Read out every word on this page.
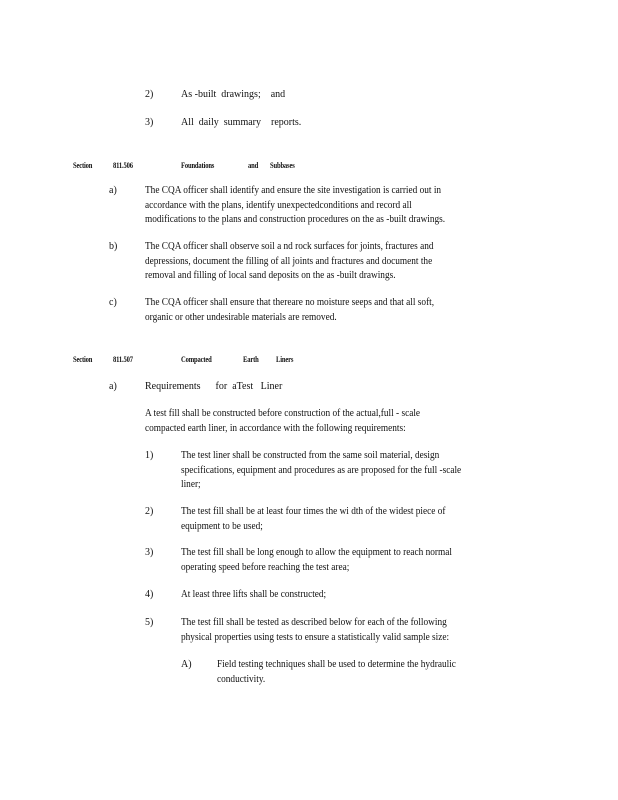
2)	As -built  drawings;    and
3)	All  daily  summary    reports.
Section	811.506	Foundations	and Subbases
a)	The CQA officer shall identify and ensure the site investigation is carried out in
accordance with the plans, identify unexpectedconditions and record all
modifications to the plans and construction procedures on the as -built drawings.
b)	The CQA officer shall observe soil a nd rock surfaces for joints, fractures and
depressions, document the filling of all joints and fractures and document the
removal and filling of local sand deposits on the as -built drawings.
c)	The CQA officer shall ensure that thereare no moisture seeps and that all soft,
organic or other undesirable materials are removed.
Section	811.507	Compacted	Earth Liners
a)	Requirements      for  aTest   Liner
A test fill shall be constructed before construction of the actual,full - scale
compacted earth liner, in accordance with the following requirements:
1)	The test liner shall be constructed from the same soil material, design
specifications, equipment and procedures as are proposed for the full -scale
liner;
2)	The test fill shall be at least four times the wi dth of the widest piece of
equipment to be used;
3)	The test fill shall be long enough to allow the equipment to reach normal
operating speed before reaching the test area;
4)	At least three lifts shall be constructed;
5)	The test fill shall be tested as described below for each of the following
physical properties using tests to ensure a statistically valid sample size:
A)	Field testing techniques shall be used to determine the hydraulic
conductivity.
